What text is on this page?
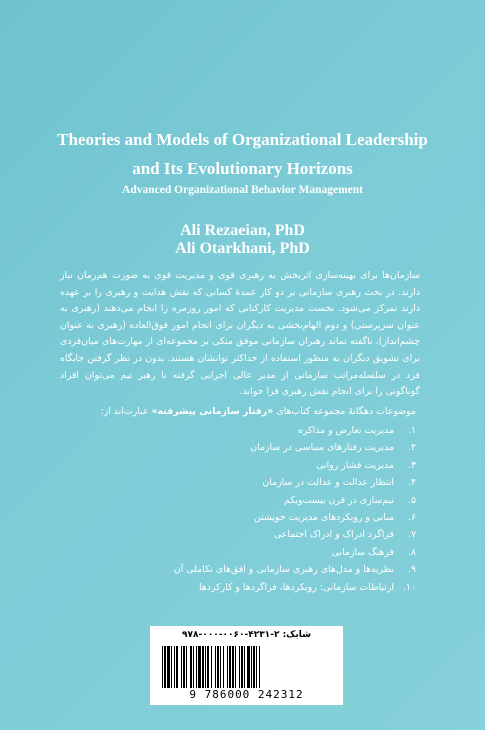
Theories and Models of Organizational Leadership
and Its Evolutionary Horizons
Advanced Organizational Behavior Management
Ali Rezaeian, PhD
Ali Otarkhani, PhD
سازمان‌ها برای بهینه‌سازی اثربخش به رهبری قوی و مدیریت قوی به صورت هم‌زمان نیاز دارند. در بحث رهبری سازمانی بر دو کار عمدهٔ کسانی که نقش هدایت و رهبری را بر عهده دارند تمرکز می‌شود. نخست مدیریت کارکنانی که امور روزمره را انجام می‌دهند (رهبری به عنوان سرپرستی) و دوم الهام‌بخشی به دیگران برای انجام امور فوق‌العاده (رهبری به عنوان چشم‌انداز). ناگفته نماند رهبران سازمانی موفق متکی بر مجموعه‌ای از مهارت‌های میان‌فردی برای تشویق دیگران به منظور استفاده از حداکثر توانشان هستند. بدون در نظر گرفتن جایگاه فرد در سلسله‌مراتب سازمانی از مدیر عالی اجرایی گرفته تا رهبر تیم می‌توان افراد گوناگونی را برای انجام نقش رهبری فرا خواند.
موضوعات دهگانهٔ مجموعه کتاب‌های «رفتار سازمانی پیشرفته» عبارت‌اند از:
۱.مدیریت تعارض و مذاکره
۲.مدیریت رفتارهای سیاسی در سازمان
۳.مدیریت فشار روانی
۴.انتظار عدالت و عدالت در سازمان
۵.تیم‌سازی در قرن بیست‌ویکم
۶.مبانی و رویکردهای مدیریت خویشتن
۷.فراگرد ادراک و ادراک اجتماعی
۸.فرهنگ سازمانی
۹.نظریه‌ها و مدل‌های رهبری سازمانی و افق‌های تکاملی آن
۱۰.ارتباطات سازمانی: رویکردها، فراگردها و کارکردها
شابک: ۲-۴۲۳۱-۰۰۶۰-۰۰۰-۹۷۸
9 786000 242312
